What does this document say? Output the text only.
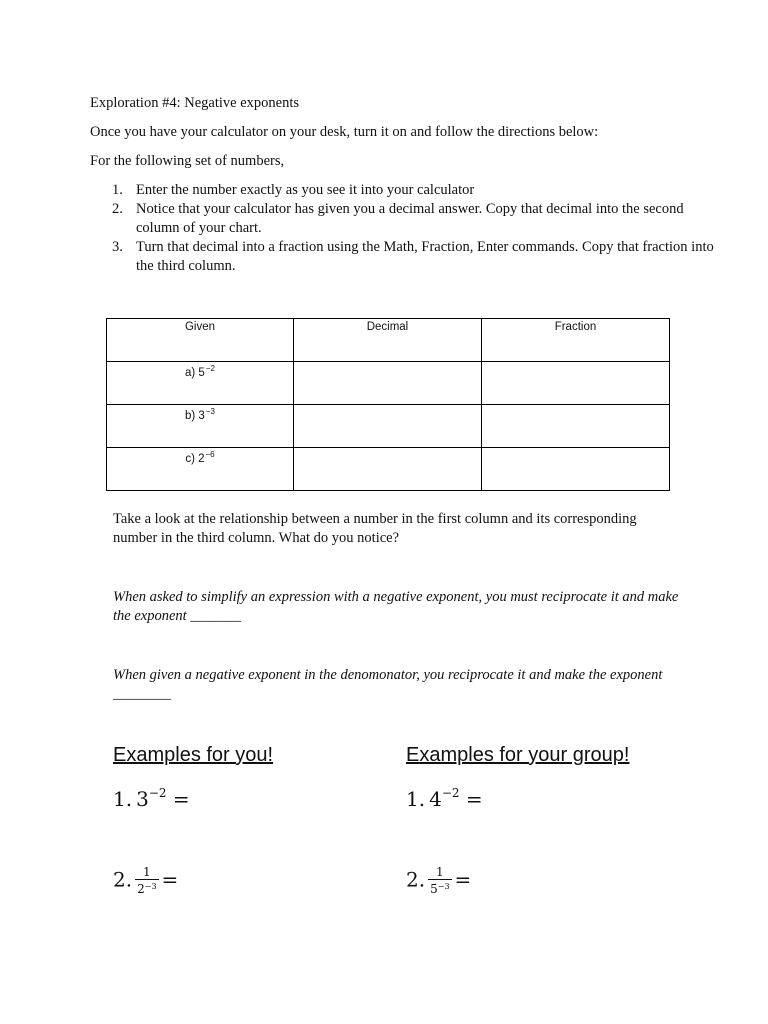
Exploration #4: Negative exponents
Once you have your calculator on your desk, turn it on and follow the directions below:
For the following set of numbers,
1. Enter the number exactly as you see it into your calculator
2. Notice that your calculator has given you a decimal answer. Copy that decimal into the second column of your chart.
3. Turn that decimal into a fraction using the Math, Fraction, Enter commands. Copy that fraction into the third column.
Given	Decimal	Fraction
a) $5^{-2}$		
b) $3^{-3}$		
c) $2^{-6}$		
Take a look at the relationship between a number in the first column and its corresponding number in the third column. What do you notice?
When asked to simplify an expression with a negative exponent, you must reciprocate it and make the exponent _______
When given a negative exponent in the denomonator, you reciprocate it and make the exponent ________
Examples for you!	Examples for your group!
1.  $3^{-2}$ =	1.  $4^{-2}$ =
2. $\frac{1}{2^{-3}}$ =	2. $\frac{1}{5^{-3}}$ =
